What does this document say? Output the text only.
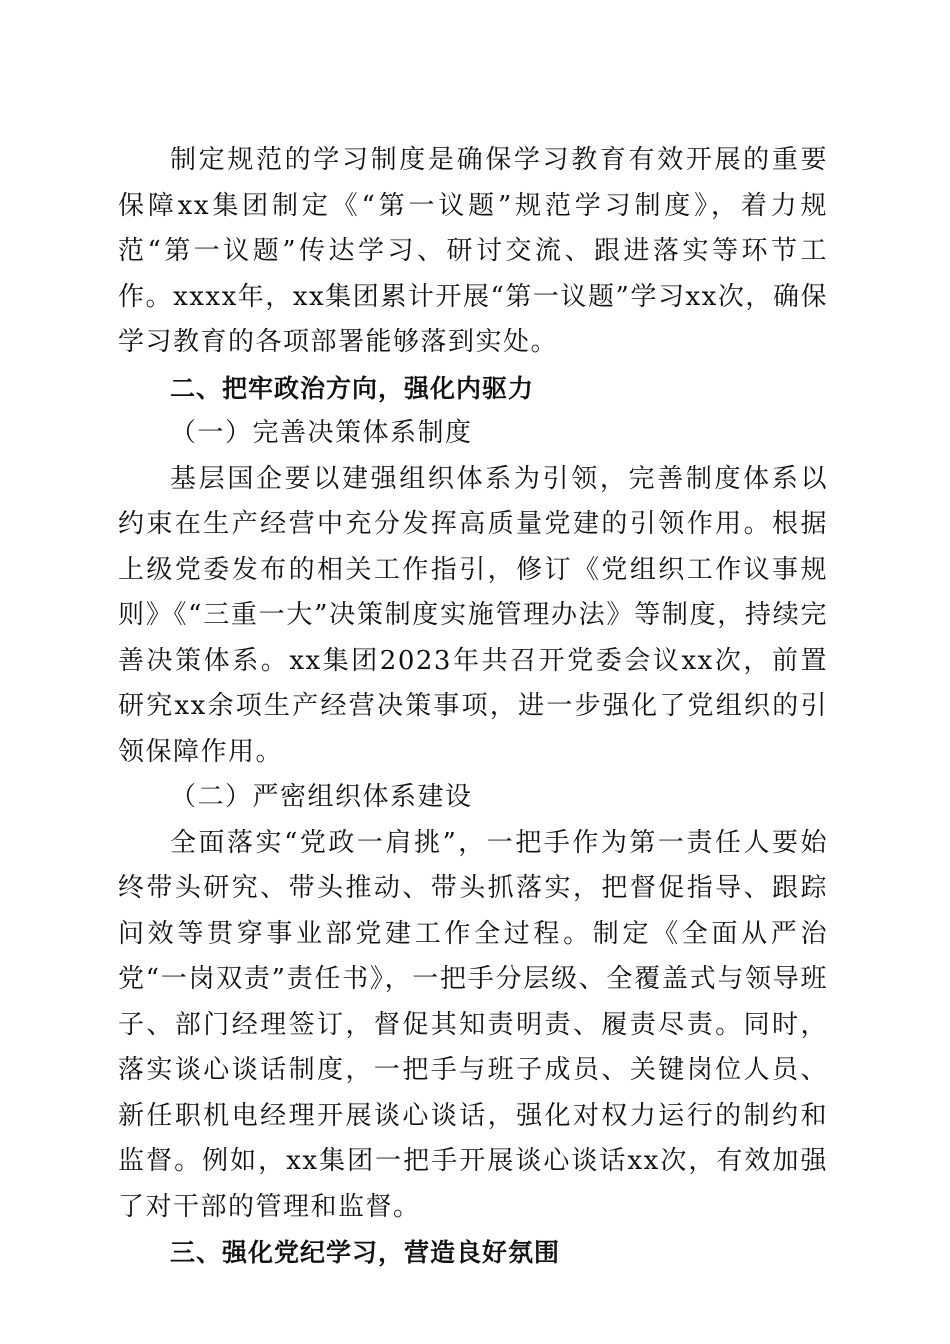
制定规范的学习制度是确保学习教育有效开展的重要保障xx集团制定《“第一议题”规范学习制度》，着力规范“第一议题”传达学习、研讨交流、跟进落实等环节工作。xxxx年，xx集团累计开展“第一议题”学习xx次，确保学习教育的各项部署能够落到实处。

二、把牢政治方向，强化内驱力

（一）完善决策体系制度

基层国企要以建强组织体系为引领，完善制度体系以约束在生产经营中充分发挥高质量党建的引领作用。根据上级党委发布的相关工作指引，修订《党组织工作议事规则》《“三重一大”决策制度实施管理办法》等制度，持续完善决策体系。xx集团2023年共召开党委会议xx次，前置研究xx余项生产经营决策事项，进一步强化了党组织的引领保障作用。

（二）严密组织体系建设

全面落实“党政一肩挑”，一把手作为第一责任人要始终带头研究、带头推动、带头抓落实，把督促指导、跟踪问效等贯穿事业部党建工作全过程。制定《全面从严治党“一岗双责”责任书》，一把手分层级、全覆盖式与领导班子、部门经理签订，督促其知责明责、履责尽责。同时，落实谈心谈话制度，一把手与班子成员、关键岗位人员、新任职机电经理开展谈心谈话，强化对权力运行的制约和监督。例如，xx集团一把手开展谈心谈话xx次，有效加强了对干部的管理和监督。

三、强化党纪学习，营造良好氛围
